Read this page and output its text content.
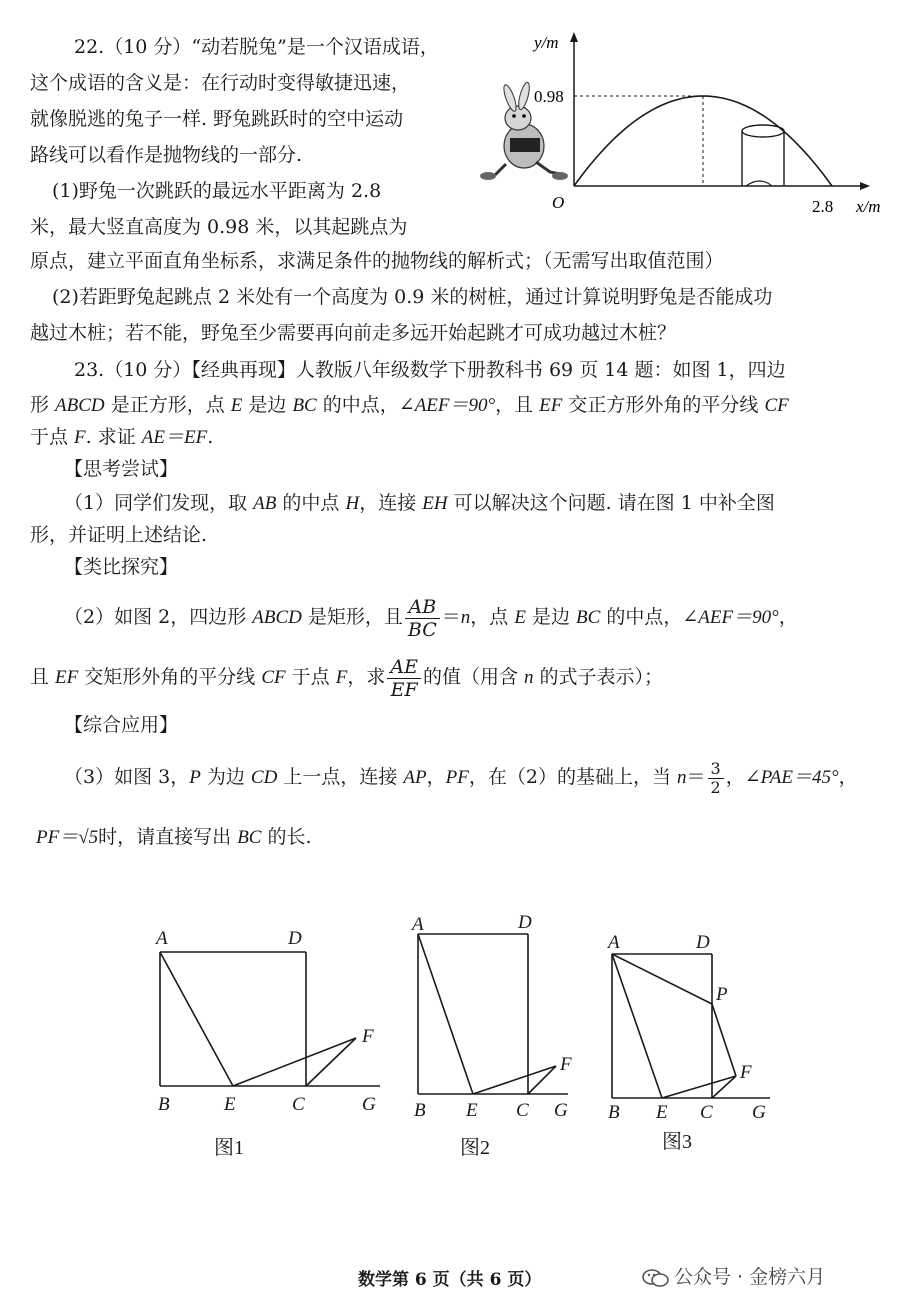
22.（10 分）“动若脱兔”是一个汉语成语，
这个成语的含义是：在行动时变得敏捷迅速，
就像脱逃的兔子一样. 野兔跳跃时的空中运动
路线可以看作是抛物线的一部分.
(1)野兔一次跳跃的最远水平距离为 2.8
米，最大竖直高度为 0.98 米，以其起跳点为
原点，建立平面直角坐标系，求满足条件的抛物线的解析式；（无需写出取值范围）
(2)若距野兔起跳点 2 米处有一个高度为 0.9 米的树桩，通过计算说明野兔是否能成功
越过木桩；若不能，野兔至少需要再向前走多远开始起跳才可成功越过木桩？
y/m
x/m
O	2.8
0.98
23.（10 分）【经典再现】人教版八年级数学下册教科书 69 页 14 题：如图 1，四边
形 ABCD 是正方形，点 E 是边 BC 的中点，∠AEF＝90°，且 EF 交正方形外角的平分线 CF
于点 F. 求证 AE＝EF.
【思考尝试】
（1）同学们发现，取 AB 的中点 H，连接 EH 可以解决这个问题. 请在图 1 中补全图
形，并证明上述结论.
【类比探究】
（2）如图 2，四边形 ABCD 是矩形，且 $\frac{AB}{BC} =n$，点 E 是边 BC 的中点，∠AEF＝90°，
且 EF 交矩形外角的平分线 CF 于点 F，求 $\frac{AE}{EF}$ 的值（用含 n 的式子表示）；
【综合应用】
（3）如图 3，P 为边 CD 上一点，连接 AP，PF，在（2）的基础上，当 $n= \frac{3}{2}$ ，∠PAE＝45°，
PF＝√5时，请直接写出 BC 的长.
A	D
B	E	C	G
F
A	D
B E C G
F
A	D
P
B E C G
F
图1	图2	图3
数学第 6 页（共 6 页）	公众号 · 金榜六月
